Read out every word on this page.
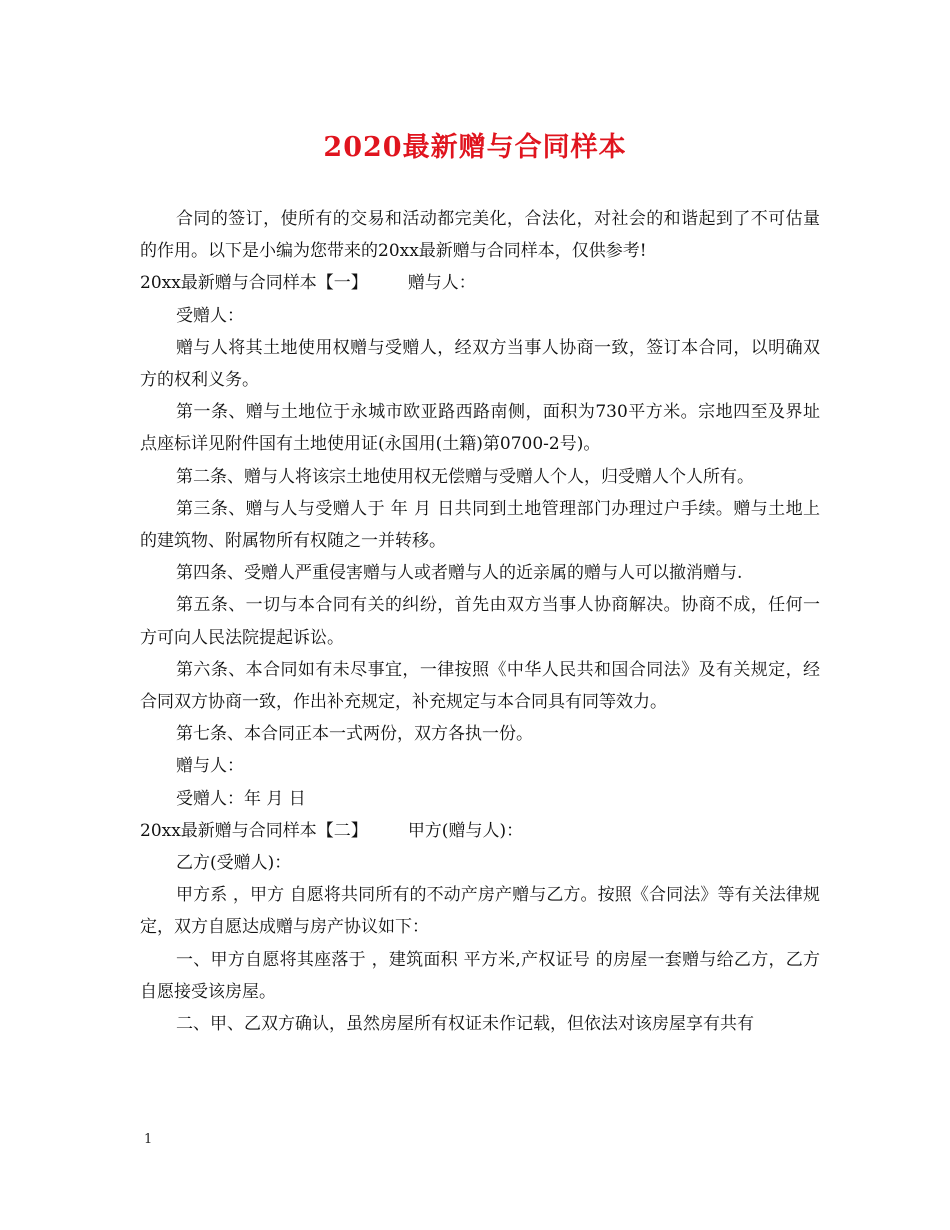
2020最新赠与合同样本

合同的签订，使所有的交易和活动都完美化，合法化，对社会的和谐起到了不可估量的作用。以下是小编为您带来的20xx最新赠与合同样本，仅供参考!

20xx最新赠与合同样本【一】 赠与人：

受赠人：

赠与人将其土地使用权赠与受赠人，经双方当事人协商一致，签订本合同，以明确双方的权利义务。

第一条、赠与土地位于永城市欧亚路西路南侧，面积为730平方米。宗地四至及界址点座标详见附件国有土地使用证(永国用(土籍)第0700-2号)。

第二条、赠与人将该宗土地使用权无偿赠与受赠人个人，归受赠人个人所有。

第三条、赠与人与受赠人于 年 月 日共同到土地管理部门办理过户手续。赠与土地上的建筑物、附属物所有权随之一并转移。

第四条、受赠人严重侵害赠与人或者赠与人的近亲属的赠与人可以撤消赠与.

第五条、一切与本合同有关的纠纷，首先由双方当事人协商解决。协商不成，任何一方可向人民法院提起诉讼。

第六条、本合同如有未尽事宜，一律按照《中华人民共和国合同法》及有关规定，经合同双方协商一致，作出补充规定，补充规定与本合同具有同等效力。

第七条、本合同正本一式两份，双方各执一份。

赠与人：

受赠人：年 月 日

20xx最新赠与合同样本【二】 甲方(赠与人)：

乙方(受赠人)：

甲方系 ，甲方 自愿将共同所有的不动产房产赠与乙方。按照《合同法》等有关法律规定，双方自愿达成赠与房产协议如下：

一、甲方自愿将其座落于 ，建筑面积 平方米,产权证号 的房屋一套赠与给乙方，乙方自愿接受该房屋。

二、甲、乙双方确认，虽然房屋所有权证未作记载，但依法对该房屋享有共有

1
